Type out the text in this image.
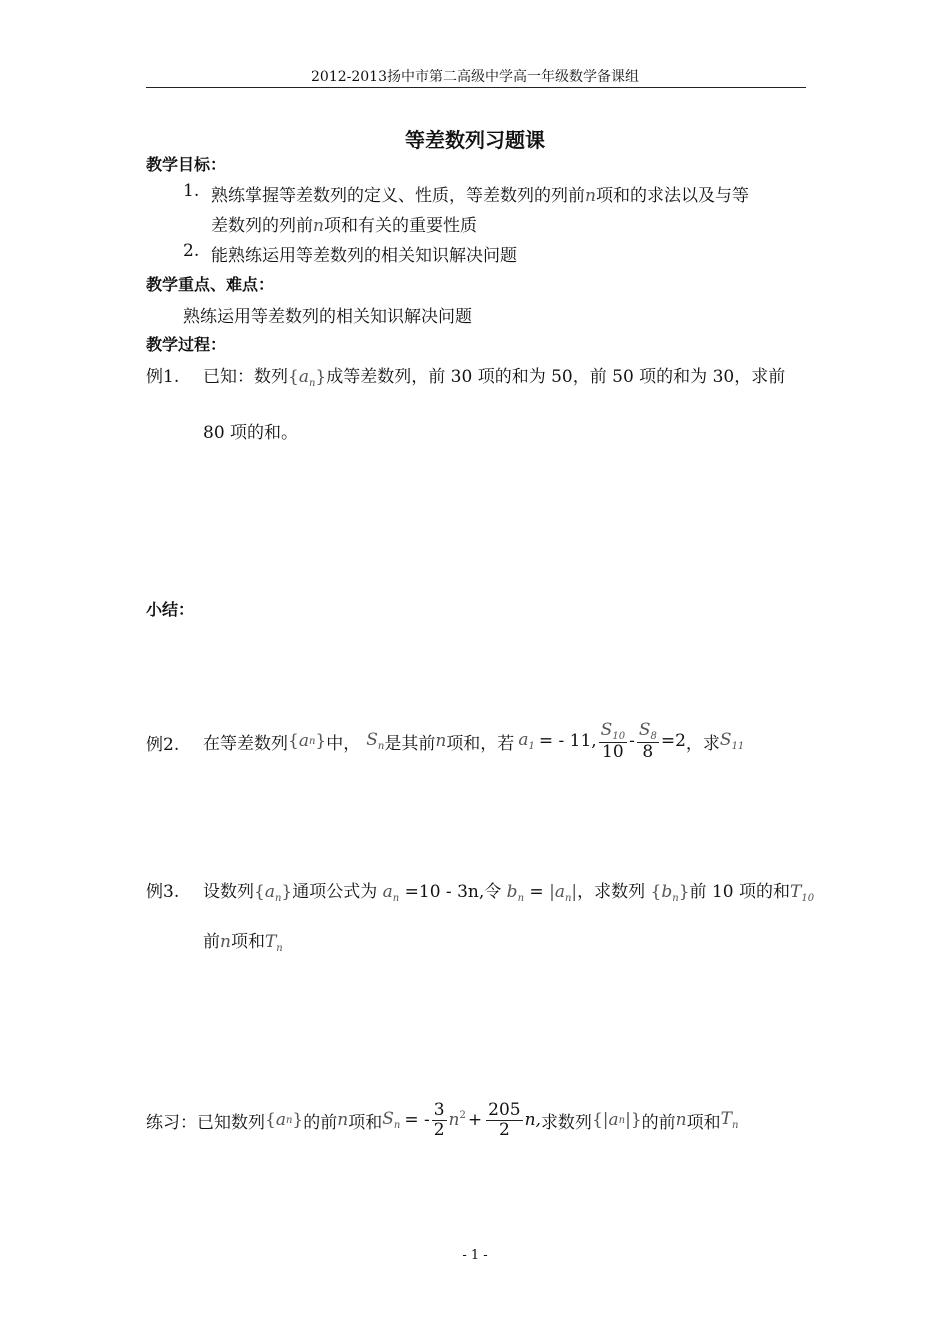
2012-2013扬中市第二高级中学高一年级数学备课组
等差数列习题课
教学目标：
1. 熟练掌握等差数列的定义、性质，等差数列的列前n项和的求法以及与等
差数列的列前n项和有关的重要性质
2. 能熟练运用等差数列的相关知识解决问题
教学重点、难点：
熟练运用等差数列的相关知识解决问题
教学过程：
例1. 已知：数列$\{a_n\}$成等差数列，前 30 项的和为 50，前 50 项的和为 30，求前
80 项的和。
小结：
例2. 在等差数列 { a n } 中， $S_n$ 是其前 n 项和，若 $a_1$ = - 11, $\frac{S_{10}}{10} - \frac{S_8}{8} =2$ ，求 $S_{11}$
例3. 设数列$\{a_n\}$通项公式为 $a_n =10 - 3n$,令 $b_n = |a_n|$，求数列 $\{b_n\}$前 10 项的和$T_{10}$
前n项和$T_n$
练习： 已知数列 { a n } 的前 n 项和 $S_n$ = - $\frac{3}{2} n^2 + \frac{205}{2} n$, 求数列 { | a n | } 的前 n 项和 $T_n$
- 1 -
